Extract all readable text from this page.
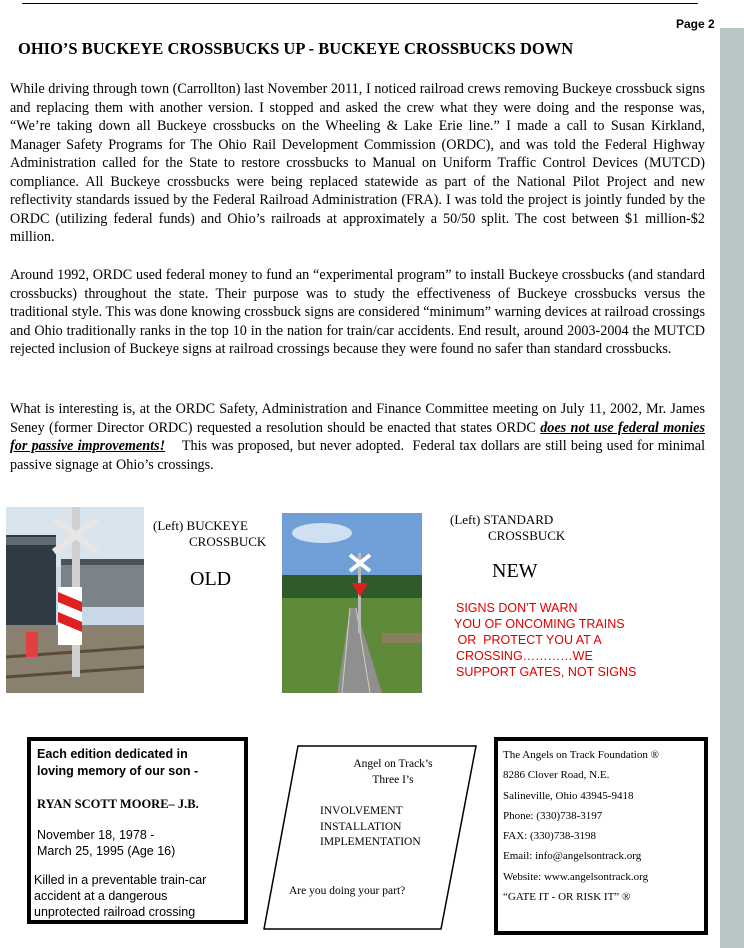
Page 2
OHIO’S BUCKEYE CROSSBUCKS UP - BUCKEYE CROSSBUCKS DOWN

While driving through town (Carrollton) last November 2011, I noticed railroad crews removing Buckeye crossbuck signs and replacing them with another version. I stopped and asked the crew what they were doing and the response was, “We’re taking down all Buckeye crossbucks on the Wheeling & Lake Erie line.” I made a call to Susan Kirkland, Manager Safety Programs for The Ohio Rail Development Commission (ORDC), and was told the Federal Highway Administration called for the State to restore crossbucks to Manual on Uniform Traffic Control Devices (MUTCD) compliance. All Buckeye crossbucks were being replaced statewide as part of the National Pilot Project and new reflectivity standards issued by the Federal Railroad Administration (FRA). I was told the project is jointly funded by the ORDC (utilizing federal funds) and Ohio’s railroads at approximately a 50/50 split. The cost between $1 million-$2 million.

Around 1992, ORDC used federal money to fund an “experimental program” to install Buckeye crossbucks (and standard crossbucks) throughout the state. Their purpose was to study the effectiveness of Buckeye crossbucks versus the traditional style. This was done knowing crossbuck signs are considered “minimum” warning devices at railroad crossings and Ohio traditionally ranks in the top 10 in the nation for train/car accidents. End result, around 2003-2004 the MUTCD rejected inclusion of Buckeye signs at railroad crossings because they were found no safer than standard crossbucks.

What is interesting is, at the ORDC Safety, Administration and Finance Committee meeting on July 11, 2002, Mr. James Seney (former Director ORDC) requested a resolution should be enacted that states ORDC does not use federal monies for passive improvements!    This was proposed, but never adopted.  Federal tax dollars are still being used for minimal passive signage at Ohio’s crossings.

(Left) BUCKEYE
CROSSBUCK
OLD
(Left) STANDARD
CROSSBUCK
NEW
SIGNS DON’T WARN
YOU OF ONCOMING TRAINS
OR  PROTECT YOU AT A
CROSSING…………WE
SUPPORT GATES, NOT SIGNS
Each edition dedicated in
loving memory of our son -
RYAN SCOTT MOORE– J.B.
November 18, 1978 -
March 25, 1995 (Age 16)
Killed in a preventable train-car
accident at a dangerous
unprotected railroad crossing
Angel on Track’s
Three I’s
INVOLVEMENT
INSTALLATION
IMPLEMENTATION
Are you doing your part?
The Angels on Track Foundation ®
8286 Clover Road, N.E.
Salineville, Ohio 43945-9418
Phone: (330)738-3197
FAX: (330)738-3198
Email: info@angelsontrack.org
Website: www.angelsontrack.org
“GATE IT - OR RISK IT” ®
